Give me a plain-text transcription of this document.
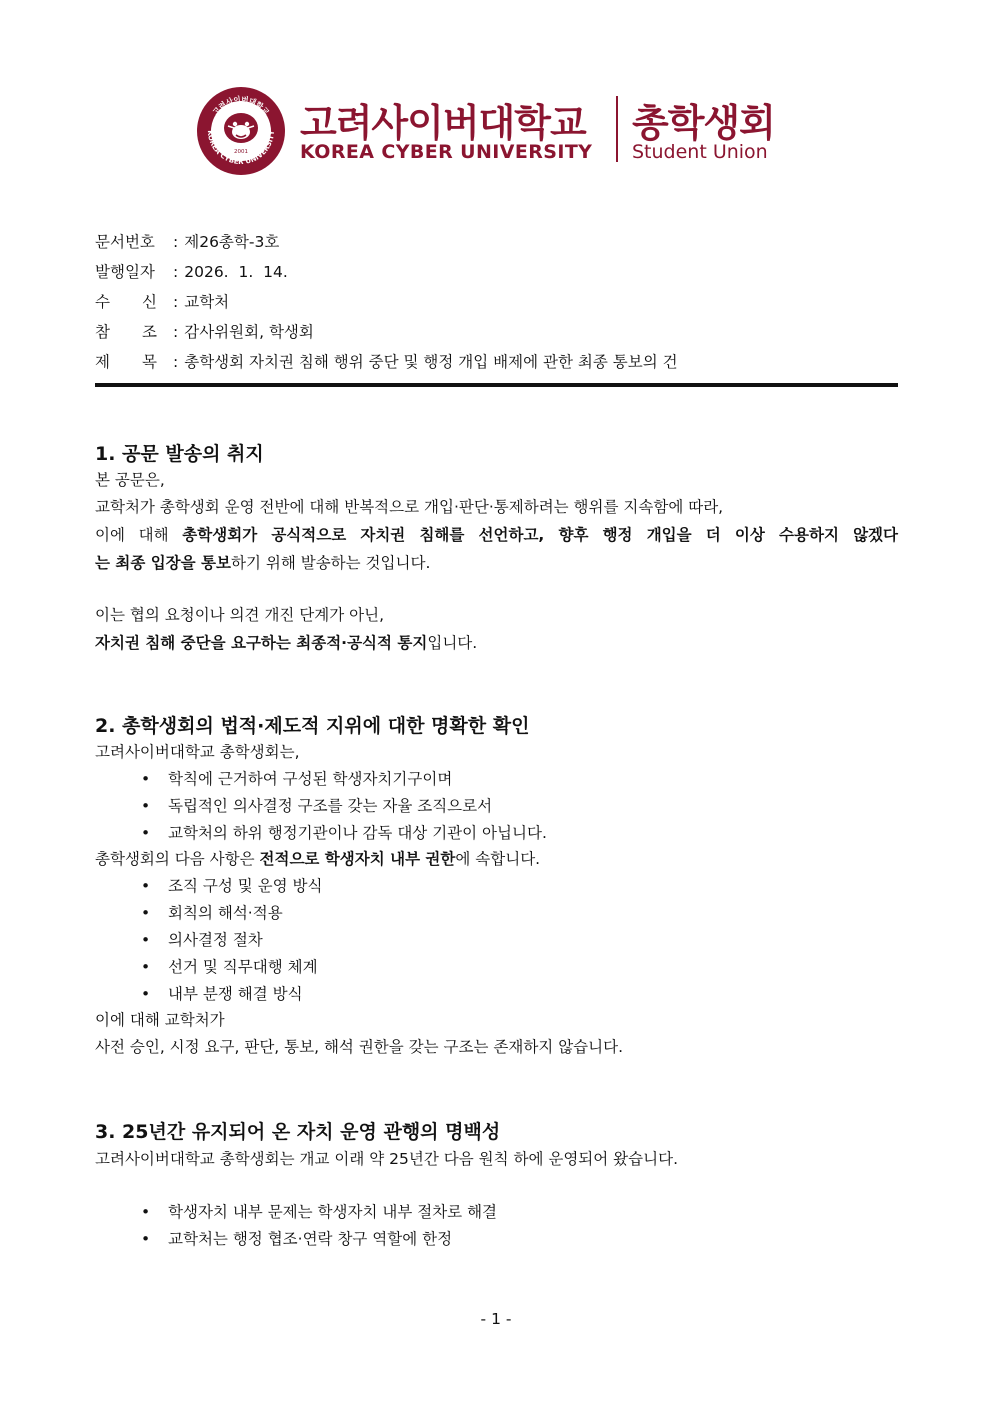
고려사이버대학교
KOREA CYBER UNIVERSITY
2001
고려사이버대학교
KOREA CYBER UNIVERSITY
총학생회
Student Union
문서번호 : 제26총학-3호
발행일자 : 2026.  1.  14.
수 신 : 교학처
참 조 : 감사위원회, 학생회
제 목 : 총학생회 자치권 침해 행위 중단 및 행정 개입 배제에 관한 최종 통보의 건
1. 공문 발송의 취지
본 공문은,
교학처가 총학생회 운영 전반에 대해 반복적으로 개입·판단·통제하려는 행위를 지속함에 따라,
이에 대해 총학생회가 공식적으로 자치권 침해를 선언하고, 향후 행정 개입을 더 이상 수용하지 않겠다
는 최종 입장을 통보하기 위해 발송하는 것입니다.
이는 협의 요청이나 의견 개진 단계가 아닌,
자치권 침해 중단을 요구하는 최종적·공식적 통지입니다.
2. 총학생회의 법적·제도적 지위에 대한 명확한 확인
고려사이버대학교 총학생회는,
• 학칙에 근거하여 구성된 학생자치기구이며
• 독립적인 의사결정 구조를 갖는 자율 조직으로서
• 교학처의 하위 행정기관이나 감독 대상 기관이 아닙니다.
총학생회의 다음 사항은 전적으로 학생자치 내부 권한에 속합니다.
• 조직 구성 및 운영 방식
• 회칙의 해석·적용
• 의사결정 절차
• 선거 및 직무대행 체계
• 내부 분쟁 해결 방식
이에 대해 교학처가
사전 승인, 시정 요구, 판단, 통보, 해석 권한을 갖는 구조는 존재하지 않습니다.
3. 25년간 유지되어 온 자치 운영 관행의 명백성
고려사이버대학교 총학생회는 개교 이래 약 25년간 다음 원칙 하에 운영되어 왔습니다.
• 학생자치 내부 문제는 학생자치 내부 절차로 해결
• 교학처는 행정 협조·연락 창구 역할에 한정
- 1 -
